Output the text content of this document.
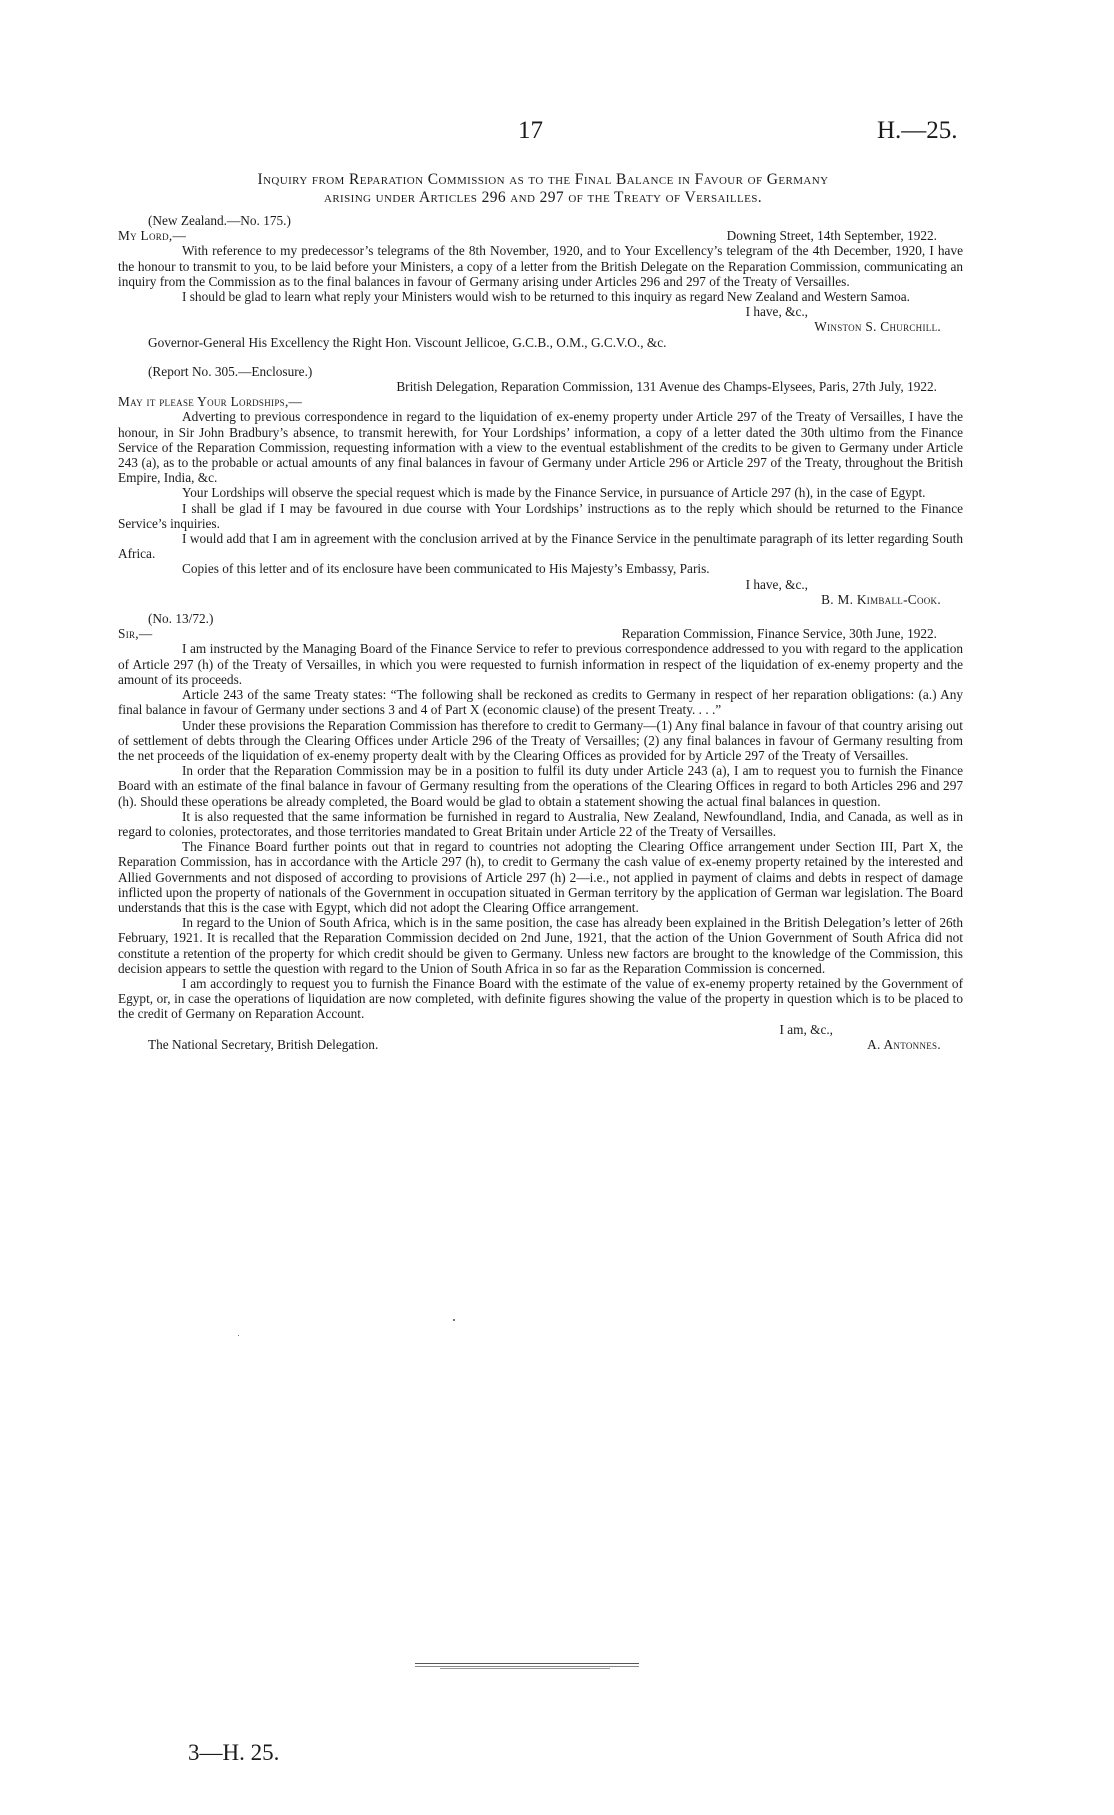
17	H.—25.
Inquiry from Reparation Commission as to the Final Balance in Favour of Germany
arising under Articles 296 and 297 of the Treaty of Versailles.

(New Zealand.—No. 175.)

My Lord,—	Downing Street, 14th September, 1922.

With reference to my predecessor’s telegrams of the 8th November, 1920, and to Your Excellency’s telegram of the 4th December, 1920, I have the honour to transmit to you, to be laid before your Ministers, a copy of a letter from the British Delegate on the Reparation Commission, communicating an inquiry from the Commission as to the final balances in favour of Germany arising under Articles 296 and 297 of the Treaty of Versailles.

I should be glad to learn what reply your Ministers would wish to be returned to this inquiry as regard New Zealand and Western Samoa.

I have, &c.,

Winston S. Churchill.

Governor-General His Excellency the Right Hon. Viscount Jellicoe, G.C.B., O.M., G.C.V.O., &c.

(Report No. 305.—Enclosure.)

British Delegation, Reparation Commission, 131 Avenue des Champs-Elysees, Paris, 27th July, 1922.

May it please Your Lordships,—

Adverting to previous correspondence in regard to the liquidation of ex-enemy property under Article 297 of the Treaty of Versailles, I have the honour, in Sir John Bradbury’s absence, to transmit herewith, for Your Lordships’ information, a copy of a letter dated the 30th ultimo from the Finance Service of the Reparation Commission, requesting information with a view to the eventual establishment of the credits to be given to Germany under Article 243 (a), as to the probable or actual amounts of any final balances in favour of Germany under Article 296 or Article 297 of the Treaty, throughout the British Empire, India, &c.

Your Lordships will observe the special request which is made by the Finance Service, in pursuance of Article 297 (h), in the case of Egypt.

I shall be glad if I may be favoured in due course with Your Lordships’ instructions as to the reply which should be returned to the Finance Service’s inquiries.

I would add that I am in agreement with the conclusion arrived at by the Finance Service in the penultimate paragraph of its letter regarding South Africa.

Copies of this letter and of its enclosure have been communicated to His Majesty’s Embassy, Paris.

I have, &c.,

B. M. Kimball-Cook.

(No. 13/72.)

Sir,—	Reparation Commission, Finance Service, 30th June, 1922.

I am instructed by the Managing Board of the Finance Service to refer to previous correspondence addressed to you with regard to the application of Article 297 (h) of the Treaty of Versailles, in which you were requested to furnish information in respect of the liquidation of ex-enemy property and the amount of its proceeds.

Article 243 of the same Treaty states: “The following shall be reckoned as credits to Germany in respect of her reparation obligations: (a.) Any final balance in favour of Germany under sections 3 and 4 of Part X (economic clause) of the present Treaty. . . .”

Under these provisions the Reparation Commission has therefore to credit to Germany—(1) Any final balance in favour of that country arising out of settlement of debts through the Clearing Offices under Article 296 of the Treaty of Versailles; (2) any final balances in favour of Germany resulting from the net proceeds of the liquidation of ex-enemy property dealt with by the Clearing Offices as provided for by Article 297 of the Treaty of Versailles.

In order that the Reparation Commission may be in a position to fulfil its duty under Article 243 (a), I am to request you to furnish the Finance Board with an estimate of the final balance in favour of Germany resulting from the operations of the Clearing Offices in regard to both Articles 296 and 297 (h). Should these operations be already completed, the Board would be glad to obtain a statement showing the actual final balances in question.

It is also requested that the same information be furnished in regard to Australia, New Zealand, Newfoundland, India, and Canada, as well as in regard to colonies, protectorates, and those territories mandated to Great Britain under Article 22 of the Treaty of Versailles.

The Finance Board further points out that in regard to countries not adopting the Clearing Office arrangement under Section III, Part X, the Reparation Commission, has in accordance with the Article 297 (h), to credit to Germany the cash value of ex-enemy property retained by the interested and Allied Governments and not disposed of according to provisions of Article 297 (h) 2—i.e., not applied in payment of claims and debts in respect of damage inflicted upon the property of nationals of the Government in occupation situated in German territory by the application of German war legislation. The Board understands that this is the case with Egypt, which did not adopt the Clearing Office arrangement.

In regard to the Union of South Africa, which is in the same position, the case has already been explained in the British Delegation’s letter of 26th February, 1921. It is recalled that the Reparation Commission decided on 2nd June, 1921, that the action of the Union Government of South Africa did not constitute a retention of the property for which credit should be given to Germany. Unless new factors are brought to the knowledge of the Commission, this decision appears to settle the question with regard to the Union of South Africa in so far as the Reparation Commission is concerned.

I am accordingly to request you to furnish the Finance Board with the estimate of the value of ex-enemy property retained by the Government of Egypt, or, in case the operations of liquidation are now completed, with definite figures showing the value of the property in question which is to be placed to the credit of Germany on Reparation Account.

I am, &c.,

The National Secretary, British Delegation.	A. Antonnes.
3—H. 25.
